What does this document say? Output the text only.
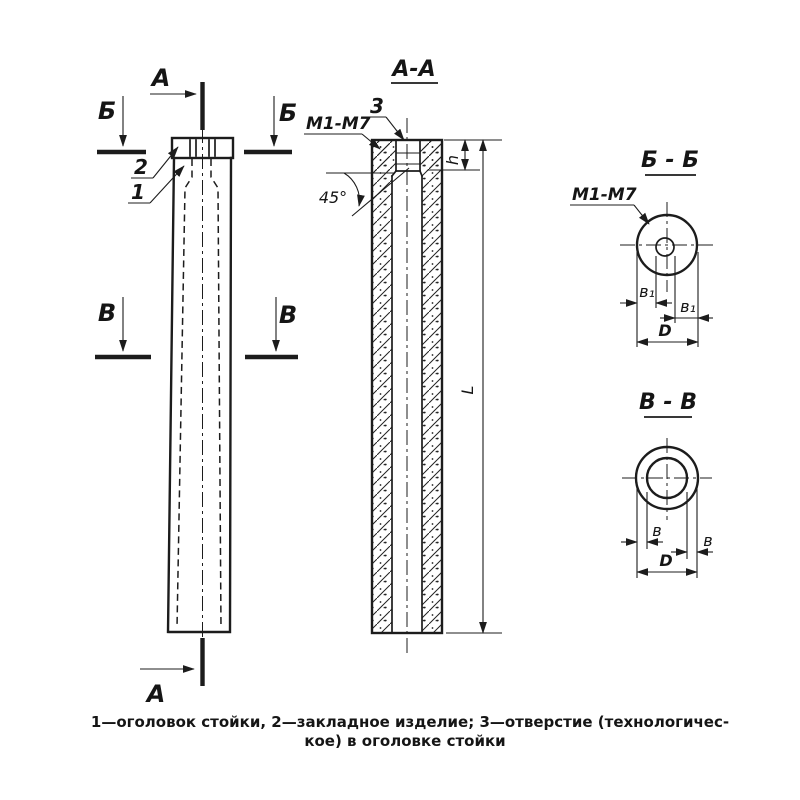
А
А
Б	Б
В	В
2
1
А-А
45°
3
М1-М7
h
L
Б - Б
М1-М7
в₁
в₁
D
В - В
в
в
D
1—оголовок стойки, 2—закладное изделие; 3—отверстие (технологичес-
кое) в оголовке стойки
